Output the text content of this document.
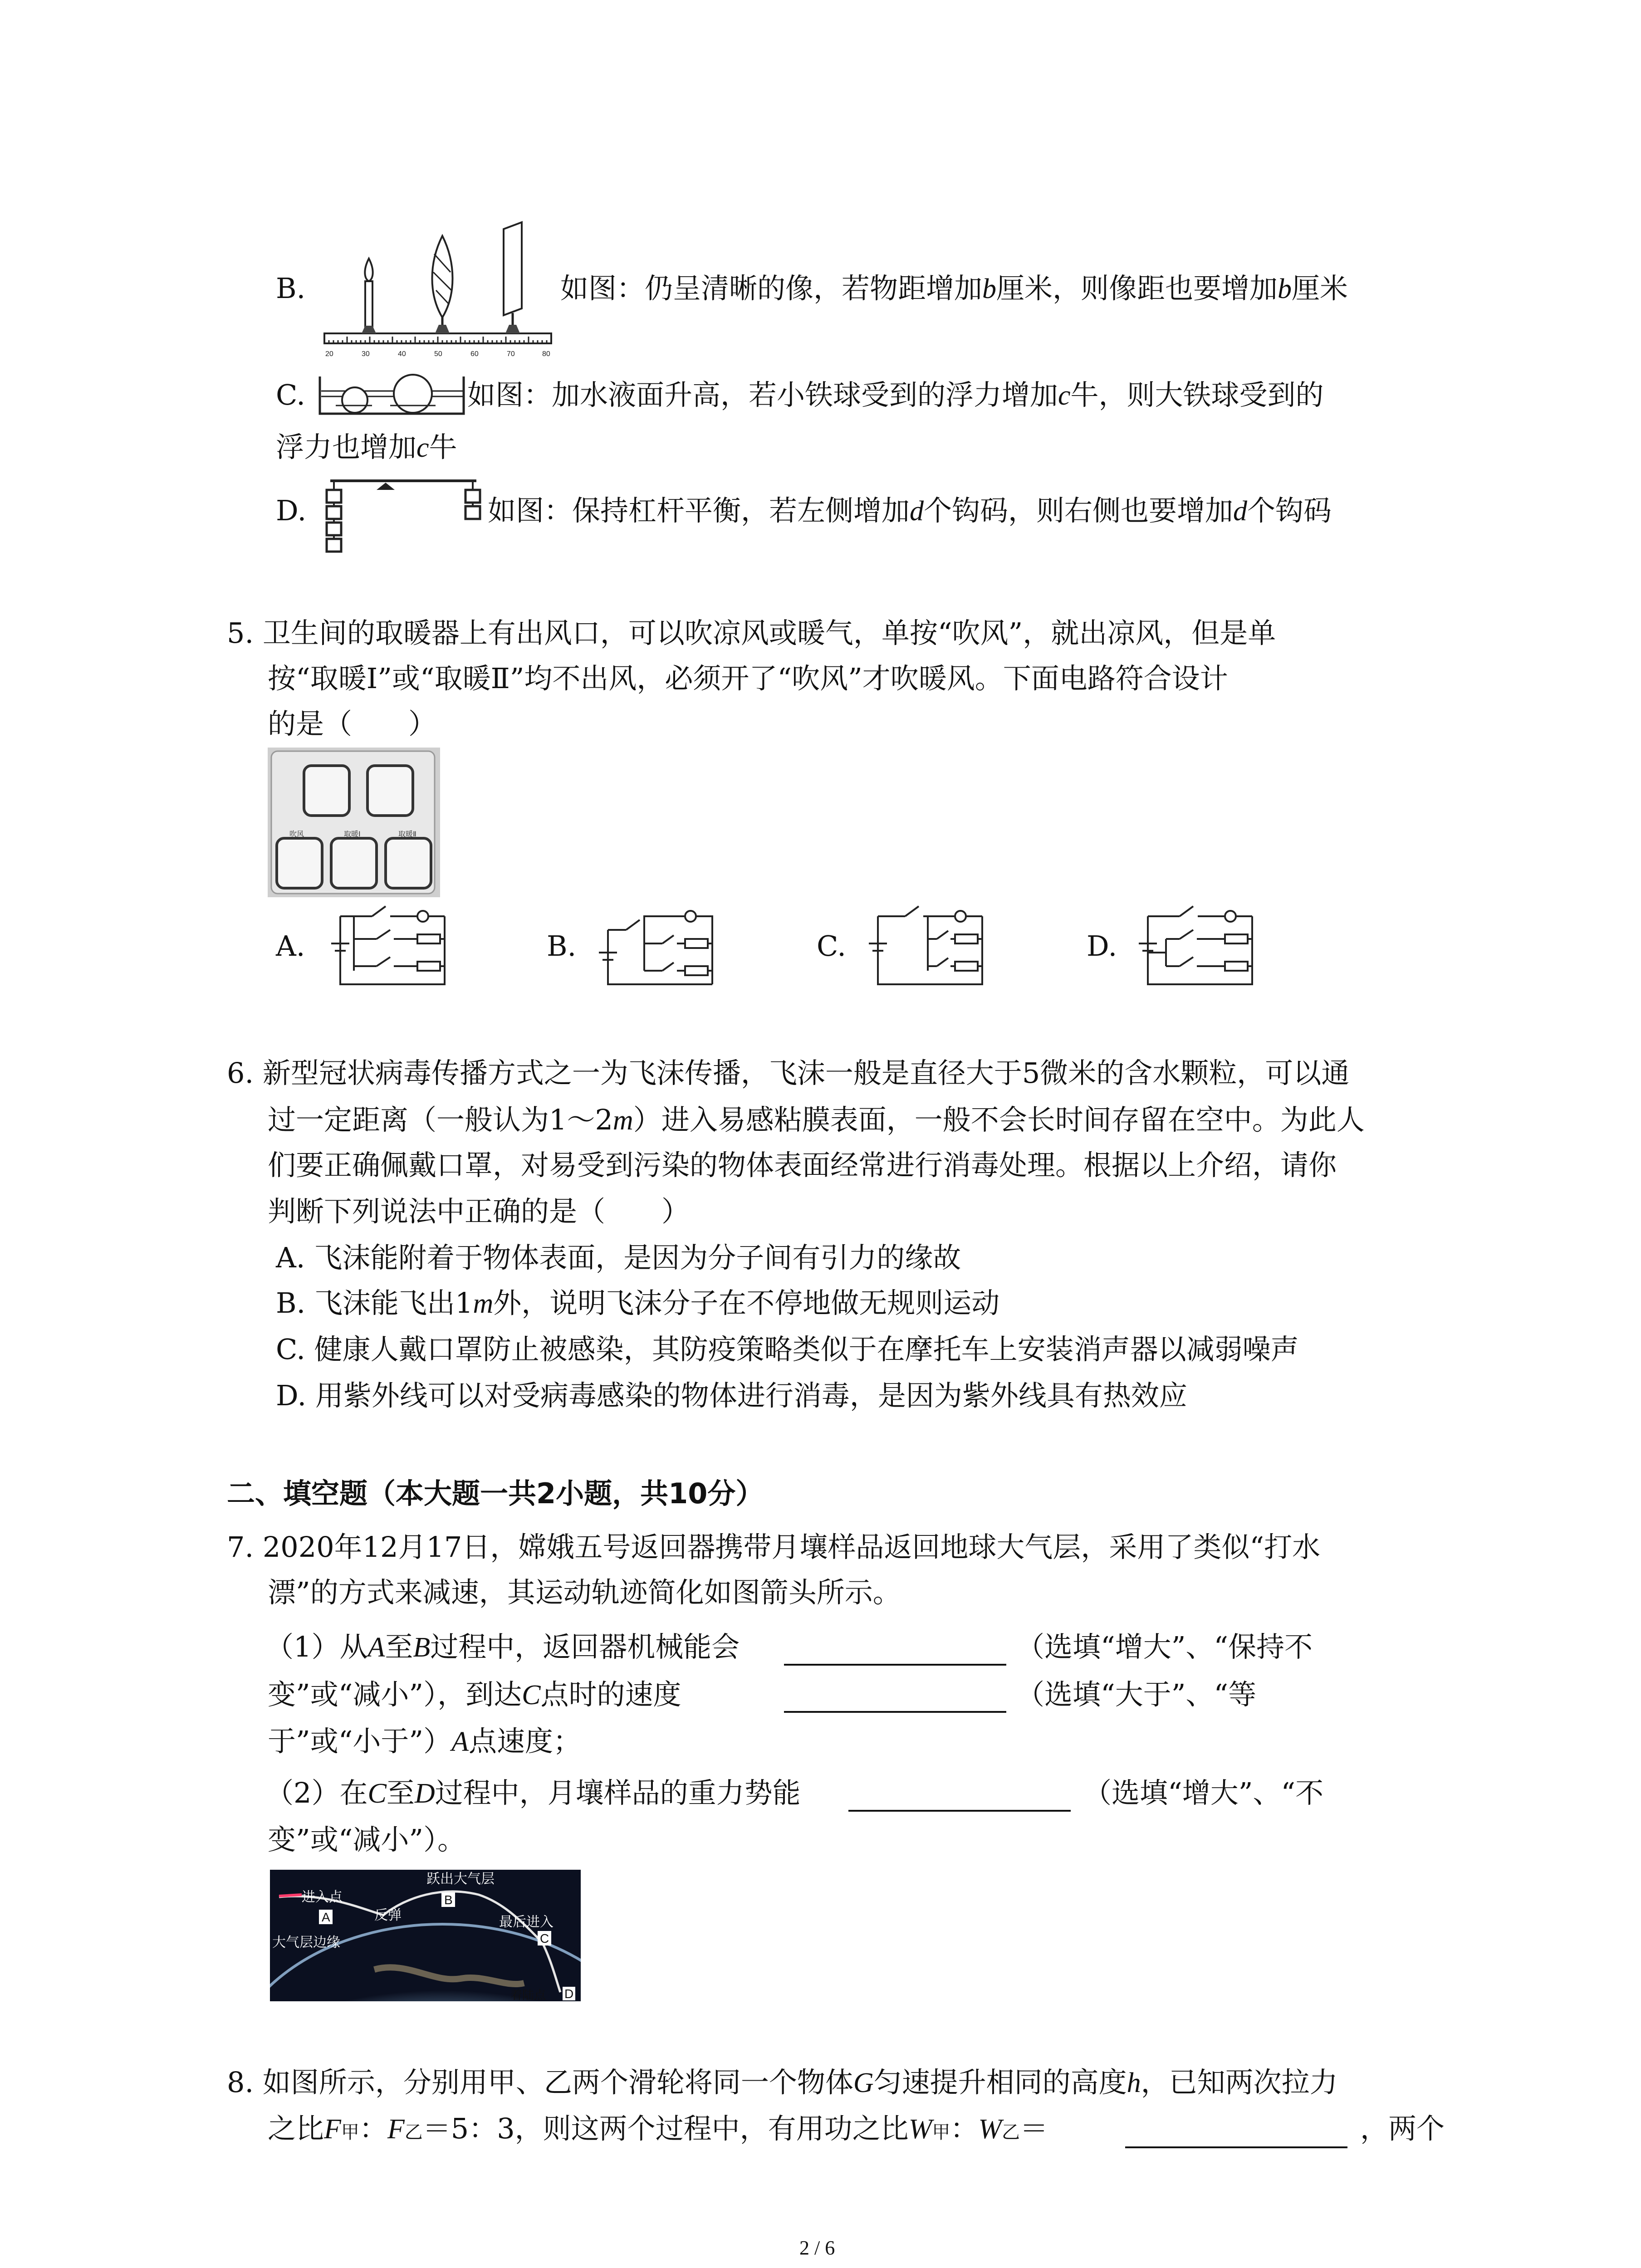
B.
20	30	40	50	60	70	80
如图：仍呈清晰的像，若物距增加b厘米，则像距也要增加b厘米
C.	如图：加水液面升高，若小铁球受到的浮力增加c牛，则大铁球受到的
浮力也增加c牛
D.	如图：保持杠杆平衡，若左侧增加d个钩码，则右侧也要增加d个钩码
5. 卫生间的取暖器上有出风口，可以吹凉风或暖气，单按“吹风”，就出凉风，但是单
按“取暖Ⅰ”或“取暖Ⅱ”均不出风，必须开了“吹风”才吹暖风。下面电路符合设计
的是（　　）
吹风	取暖Ⅰ	取暖Ⅱ
A.	B.	C.	D.
6. 新型冠状病毒传播方式之一为飞沫传播，飞沫一般是直径大于5微米的含水颗粒，可以通
过一定距离（一般认为1～2m）进入易感粘膜表面，一般不会长时间存留在空中。为此人
们要正确佩戴口罩，对易受到污染的物体表面经常进行消毒处理。根据以上介绍，请你
判断下列说法中正确的是（　　）
A. 飞沫能附着于物体表面，是因为分子间有引力的缘故
B. 飞沫能飞出1m外，说明飞沫分子在不停地做无规则运动
C. 健康人戴口罩防止被感染，其防疫策略类似于在摩托车上安装消声器以减弱噪声
D. 用紫外线可以对受病毒感染的物体进行消毒，是因为紫外线具有热效应
二、填空题（本大题一共2小题，共10分）
7. 2020年12月17日，嫦娥五号返回器携带月壤样品返回地球大气层，采用了类似“打水
漂”的方式来减速，其运动轨迹简化如图箭头所示。
（1）从A至B过程中，返回器机械能会	（选填“增大”、“保持不
变”或“减小”），到达C点时的速度	（选填“大于”、“等
于”或“小于”）A点速度；
（2）在C至D过程中，月壤样品的重力势能	（选填“增大”、“不
变”或“减小”）。
跃出大气层
进入点
反弹
大气层边缘
最后进入
着陆点
A
B
C
D
8. 如图所示，分别用甲、乙两个滑轮将同一个物体G匀速提升相同的高度h，已知两次拉力
之比F甲：F乙＝5：3，则这两个过程中，有用功之比W甲：W乙＝	，两个
2 / 6
